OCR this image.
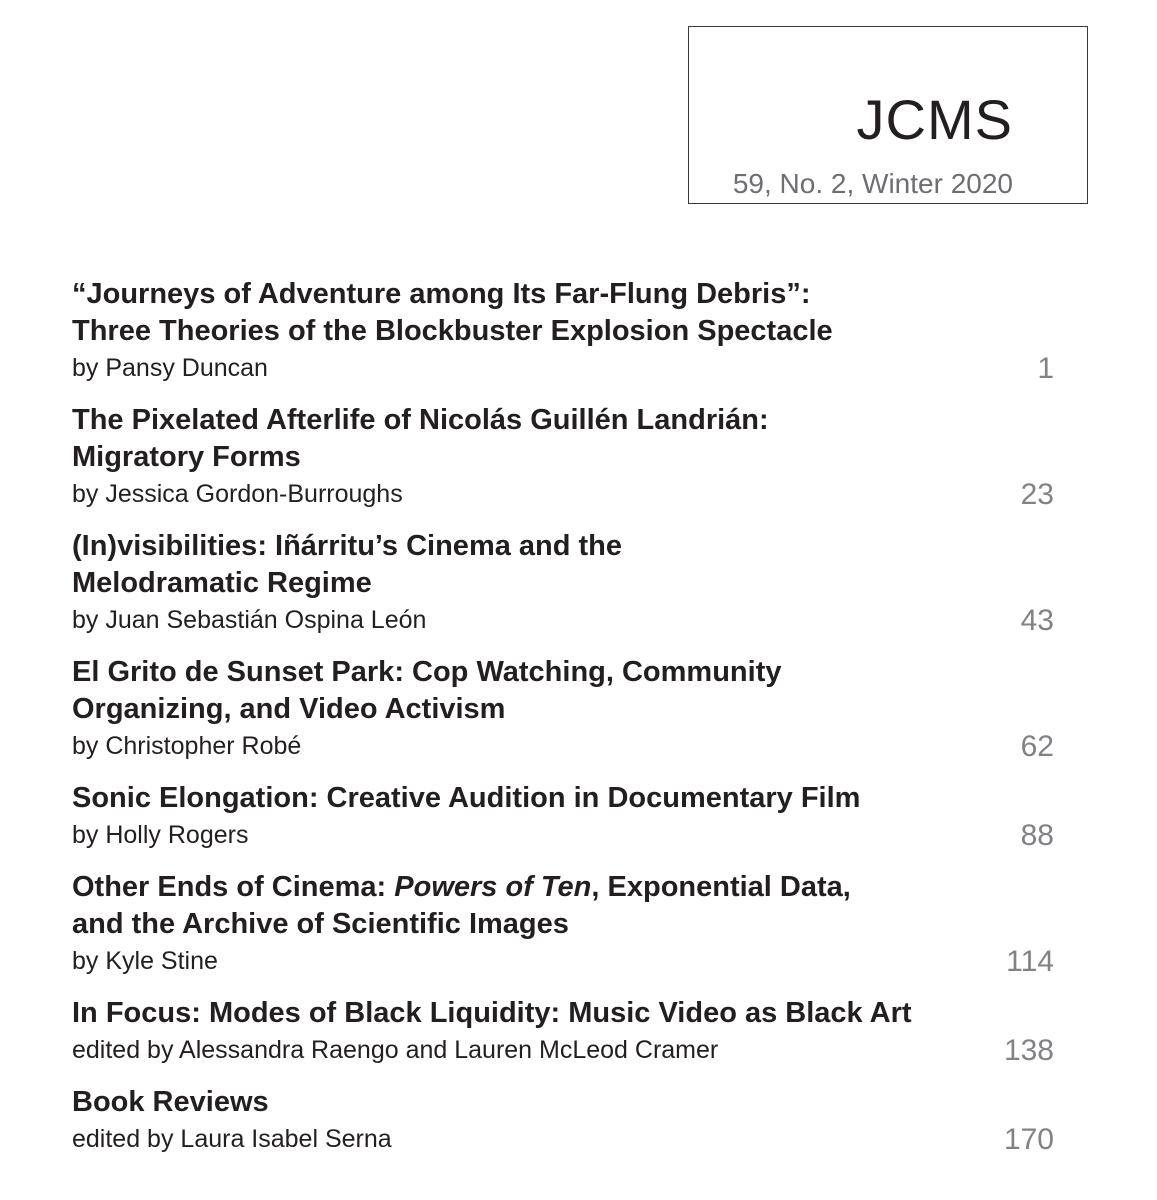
JCMS
59, No. 2, Winter 2020
“Journeys of Adventure among Its Far-Flung Debris”:
Three Theories of the Blockbuster Explosion Spectacle
by Pansy Duncan	1
The Pixelated Afterlife of Nicolás Guillén Landrián:
Migratory Forms
by Jessica Gordon-Burroughs	23
(In)visibilities: Iñárritu’s Cinema and the
Melodramatic Regime
by Juan Sebastián Ospina León	43
El Grito de Sunset Park: Cop Watching, Community
Organizing, and Video Activism
by Christopher Robé	62
Sonic Elongation: Creative Audition in Documentary Film
by Holly Rogers	88
Other Ends of Cinema: Powers of Ten, Exponential Data,
and the Archive of Scientific Images
by Kyle Stine	114
In Focus: Modes of Black Liquidity: Music Video as Black Art
edited by Alessandra Raengo and Lauren McLeod Cramer	138
Book Reviews
edited by Laura Isabel Serna	170
